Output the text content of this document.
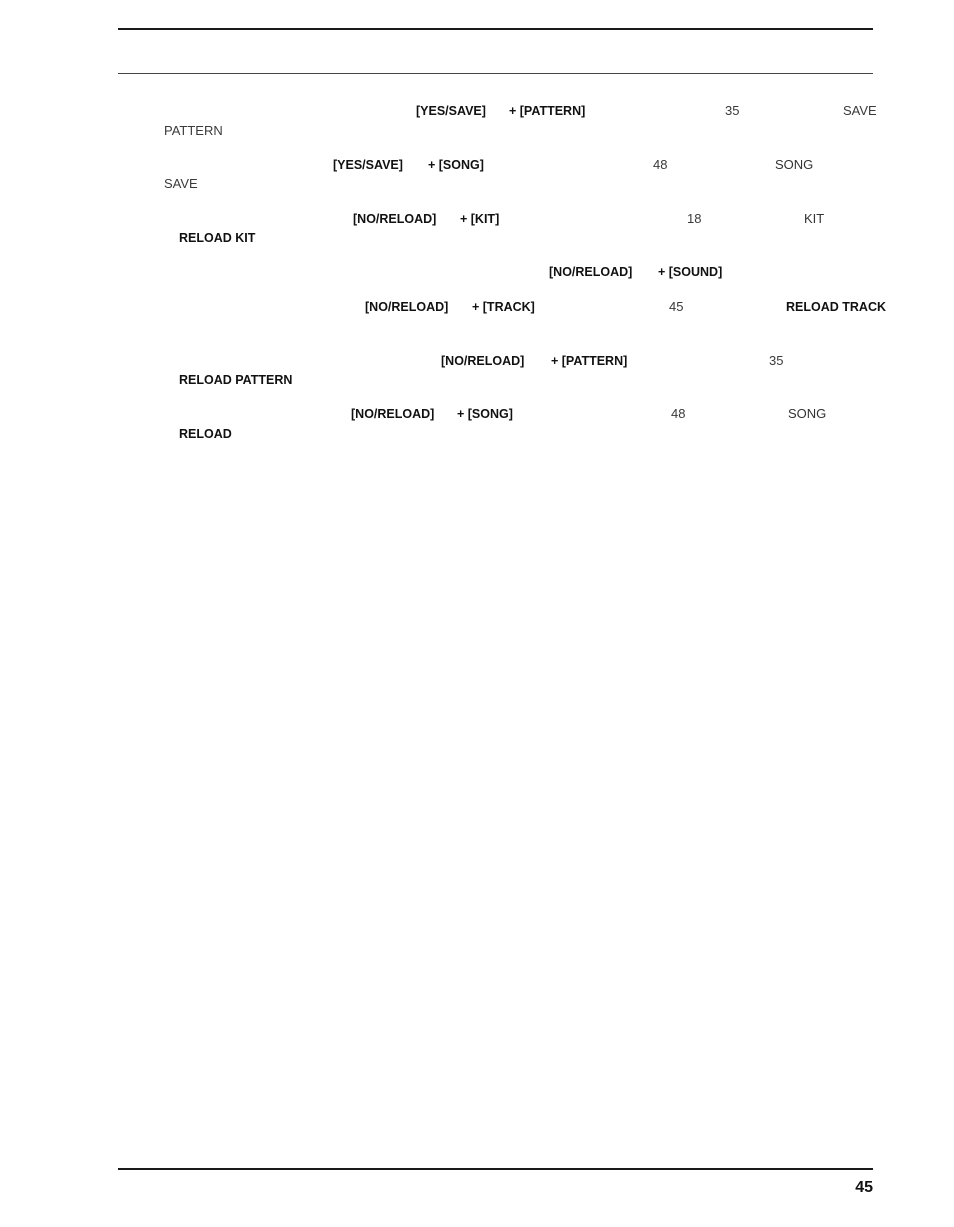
[YES/SAVE] + [PATTERN]	35	SAVE
PATTERN
[YES/SAVE] + [SONG]	48	SONG
SAVE
[NO/RELOAD] + [KIT]	18	KIT
RELOAD KIT
[NO/RELOAD] + [SOUND]
[NO/RELOAD] + [TRACK]	45	RELOAD TRACK
[NO/RELOAD] + [PATTERN]	35
RELOAD PATTERN
[NO/RELOAD] + [SONG]	48	SONG
RELOAD
45
